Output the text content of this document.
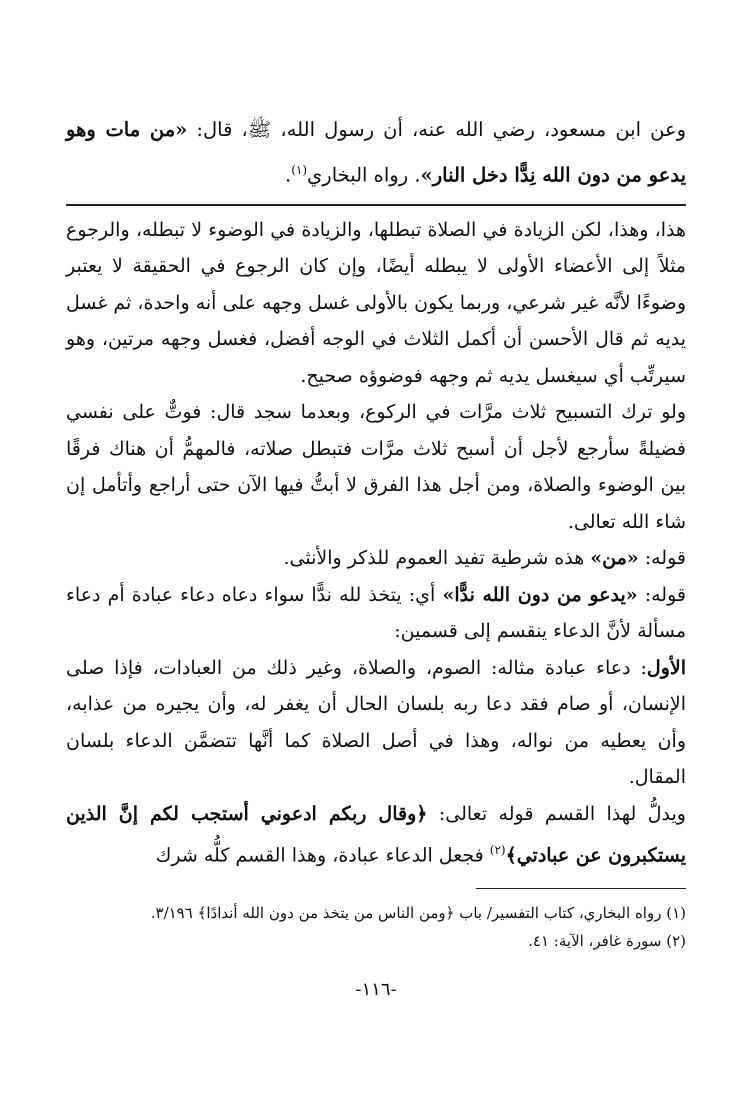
وعن ابن مسعود، رضي الله عنه، أن رسول الله، ﷺ، قال: «من مات وهو يدعو من دون الله نِدًّا دخل النار». رواه البخاري$^{(١)}$.

هذا، وهذا، لكن الزيادة في الصلاة تبطلها، والزيادة في الوضوء لا تبطله، والرجوع مثلاً إلى الأعضاء الأولى لا يبطله أيضًا، وإن كان الرجوع في الحقيقة لا يعتبر وضوءًا لأنَّه غير شرعي، وربما يكون بالأولى غسل وجهه على أنه واحدة، ثم غسل يديه ثم قال الأحسن أن أكمل الثلاث في الوجه أفضل، فغسل وجهه مرتين، وهو سيرتِّب أي سيغسل يديه ثم وجهه فوضوؤه صحيح.

ولو ترك التسبيح ثلاث مرَّات في الركوع، وبعدما سجد قال: فوتٌّ على نفسي فضيلةً سأرجع لأجل أن أسبح ثلاث مرَّات فتبطل صلاته، فالمهمُّ أن هناك فرقًا بين الوضوء والصلاة، ومن أجل هذا الفرق لا أبتُّ فيها الآن حتى أراجع وأتأمل إن شاء الله تعالى.

قوله: «من» هذه شرطية تفيد العموم للذكر والأنثى.

قوله: «يدعو من دون الله ندًّا» أي: يتخذ لله ندًّا سواء دعاه دعاء عبادة أم دعاء مسألة لأنَّ الدعاء ينقسم إلى قسمين:

الأول: دعاء عبادة مثاله: الصوم، والصلاة، وغير ذلك من العبادات، فإذا صلى الإنسان، أو صام فقد دعا ربه بلسان الحال أن يغفر له، وأن يجيره من عذابه، وأن يعطيه من نواله، وهذا في أصل الصلاة كما أنَّها تتضمَّن الدعاء بلسان المقال.

ويدلُّ لهذا القسم قوله تعالى: ﴿وقال ربكم ادعوني أستجب لكم إنَّ الذين يستكبرون عن عبادتي﴾$^{(٢)}$ فجعل الدعاء عبادة، وهذا القسم كلُّه شرك

(١) رواه البخاري، كتاب التفسير/ باب ﴿ومن الناس من يتخذ من دون الله أندادًا﴾ ٣/١٩٦.

(٢) سورة غافر، الآية: ٤١.

-١١٦-
